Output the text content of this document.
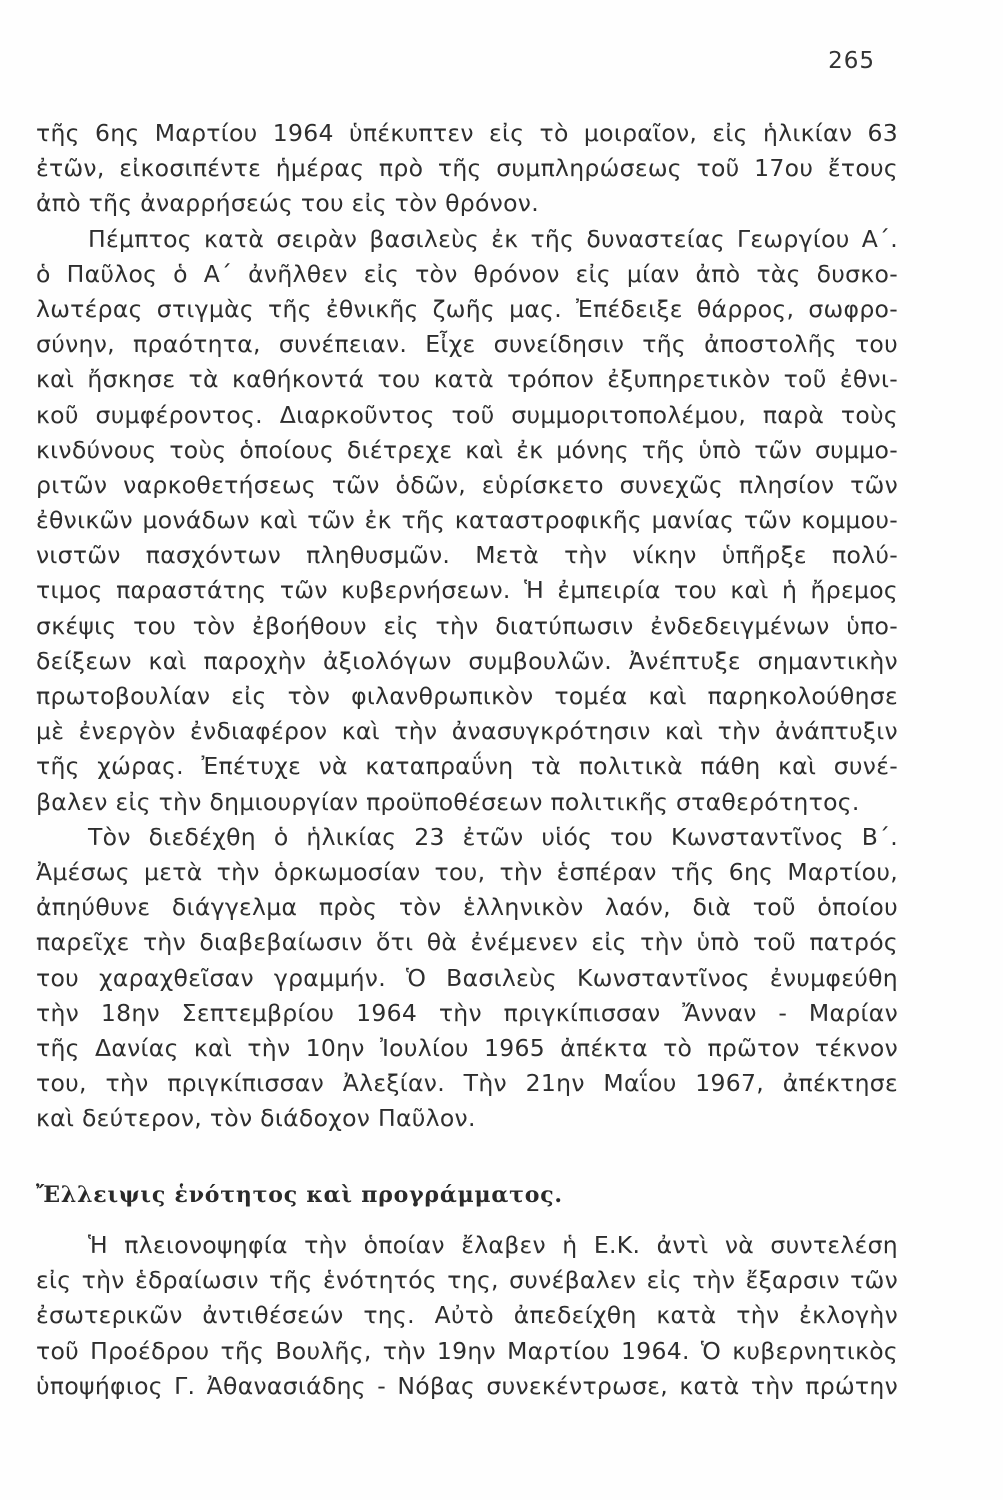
265
τῆς 6ης Μαρτίου 1964 ὑπέκυπτεν εἰς τὸ μοιραῖον, εἰς ἡλικίαν 63
ἐτῶν, εἰκοσιπέντε ἡμέρας πρὸ τῆς συμπληρώσεως τοῦ 17ου ἔτους
ἀπὸ τῆς ἀναρρήσεώς του εἰς τὸν θρόνον.
Πέμπτος κατὰ σειρὰν βασιλεὺς ἐκ τῆς δυναστείας Γεωργίου Α΄.
ὁ Παῦλος ὁ Α΄ ἀνῆλθεν εἰς τὸν θρόνον εἰς μίαν ἀπὸ τὰς δυσκο-
λωτέρας στιγμὰς τῆς ἐθνικῆς ζωῆς μας. Ἐπέδειξε θάρρος, σωφρο-
σύνην, πραότητα, συνέπειαν. Εἶχε συνείδησιν τῆς ἀποστολῆς του
καὶ ἤσκησε τὰ καθήκοντά του κατὰ τρόπον ἐξυπηρετικὸν τοῦ ἐθνι-
κοῦ συμφέροντος. Διαρκοῦντος τοῦ συμμοριτοπολέμου, παρὰ τοὺς
κινδύνους τοὺς ὁποίους διέτρεχε καὶ ἐκ μόνης τῆς ὑπὸ τῶν συμμο-
ριτῶν ναρκοθετήσεως τῶν ὁδῶν, εὑρίσκετο συνεχῶς πλησίον τῶν
ἐθνικῶν μονάδων καὶ τῶν ἐκ τῆς καταστροφικῆς μανίας τῶν κομμου-
νιστῶν πασχόντων πληθυσμῶν. Μετὰ τὴν νίκην ὑπῆρξε πολύ-
τιμος παραστάτης τῶν κυβερνήσεων. Ἡ ἐμπειρία του καὶ ἡ ἤρεμος
σκέψις του τὸν ἐβοήθουν εἰς τὴν διατύπωσιν ἐνδεδειγμένων ὑπο-
δείξεων καὶ παροχὴν ἀξιολόγων συμβουλῶν. Ἀνέπτυξε σημαντικὴν
πρωτοβουλίαν εἰς τὸν φιλανθρωπικὸν τομέα καὶ παρηκολούθησε
μὲ ἐνεργὸν ἐνδιαφέρον καὶ τὴν ἀνασυγκρότησιν καὶ τὴν ἀνάπτυξιν
τῆς χώρας. Ἐπέτυχε νὰ καταπραΰνη τὰ πολιτικὰ πάθη καὶ συνέ-
βαλεν εἰς τὴν δημιουργίαν προϋποθέσεων πολιτικῆς σταθερότητος.
Τὸν διεδέχθη ὁ ἡλικίας 23 ἐτῶν υἱός του Κωνσταντῖνος Β΄.
Ἀμέσως μετὰ τὴν ὁρκωμοσίαν του, τὴν ἑσπέραν τῆς 6ης Μαρτίου,
ἀπηύθυνε διάγγελμα πρὸς τὸν ἑλληνικὸν λαόν, διὰ τοῦ ὁποίου
παρεῖχε τὴν διαβεβαίωσιν ὅτι θὰ ἐνέμενεν εἰς τὴν ὑπὸ τοῦ πατρός
του χαραχθεῖσαν γραμμήν. Ὁ Βασιλεὺς Κωνσταντῖνος ἐνυμφεύθη
τὴν 18ην Σεπτεμβρίου 1964 τὴν πριγκίπισσαν Ἄνναν - Μαρίαν
τῆς Δανίας καὶ τὴν 10ην Ἰουλίου 1965 ἀπέκτα τὸ πρῶτον τέκνον
του, τὴν πριγκίπισσαν Ἀλεξίαν. Τὴν 21ην Μαΐου 1967, ἀπέκτησε
καὶ δεύτερον, τὸν διάδοχον Παῦλον.
Ἔλλειψις ἑνότητος καὶ προγράμματος.
Ἡ πλειονοψηφία τὴν ὁποίαν ἔλαβεν ἡ Ε.Κ. ἀντὶ νὰ συντελέση
εἰς τὴν ἑδραίωσιν τῆς ἑνότητός της, συνέβαλεν εἰς τὴν ἔξαρσιν τῶν
ἐσωτερικῶν ἀντιθέσεών της. Αὐτὸ ἀπεδείχθη κατὰ τὴν ἐκλογὴν
τοῦ Προέδρου τῆς Βουλῆς, τὴν 19ην Μαρτίου 1964. Ὁ κυβερνητικὸς
ὑποψήφιος Γ. Ἀθανασιάδης - Νόβας συνεκέντρωσε, κατὰ τὴν πρώτην
